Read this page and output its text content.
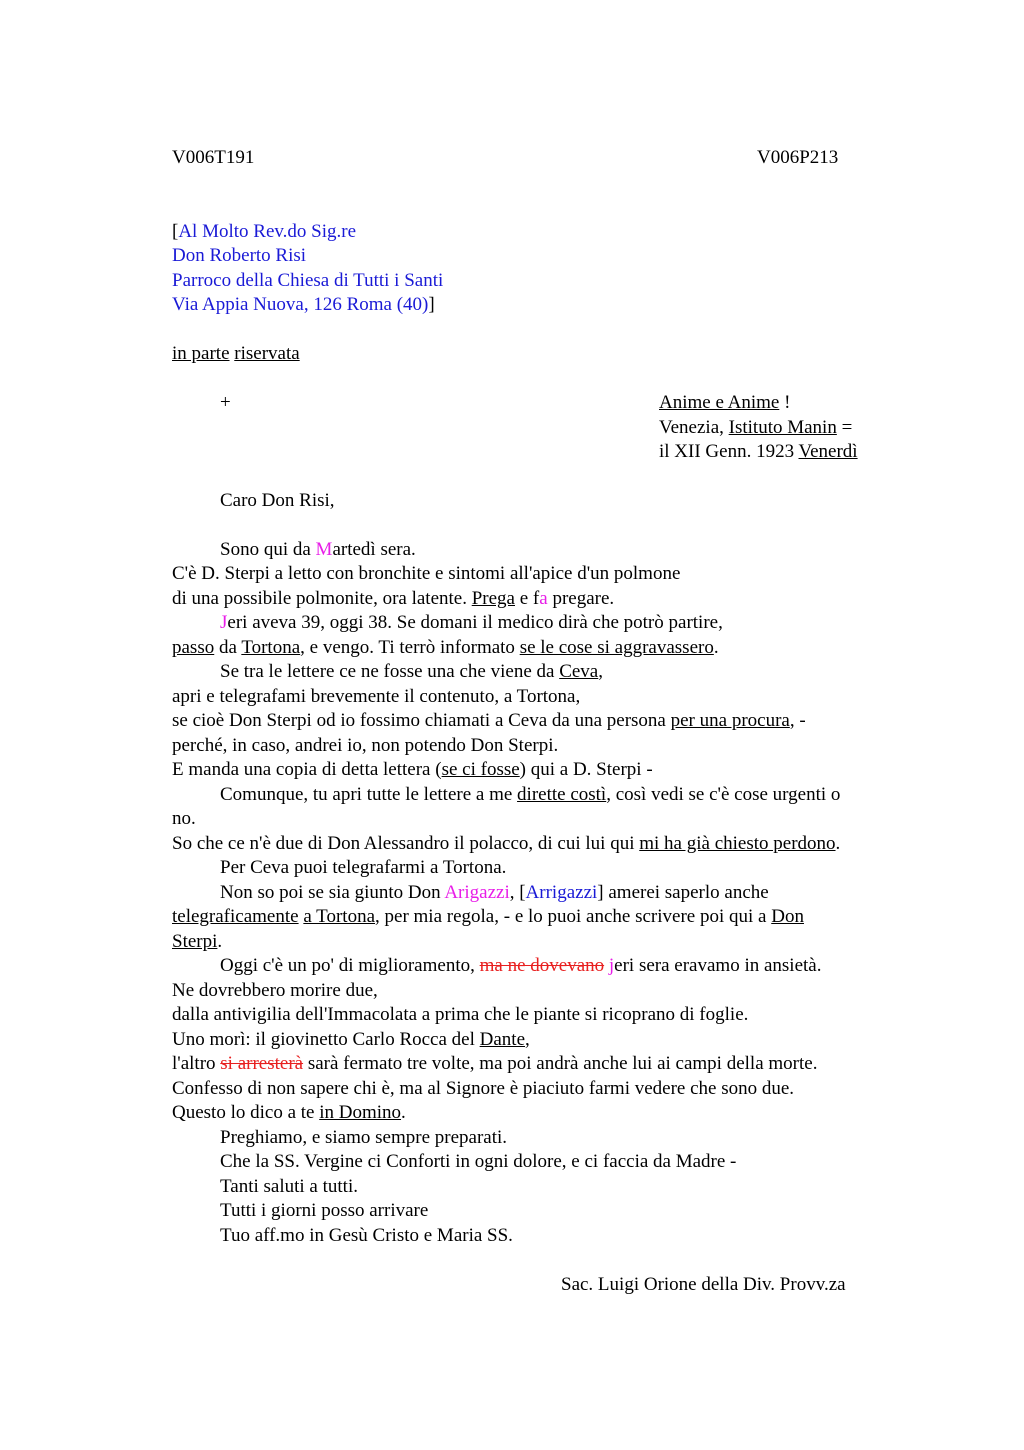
V006T191	V006P213
[Al Molto Rev.do Sig.re
Don Roberto Risi
Parroco della Chiesa di Tutti i Santi
Via Appia Nuova, 126 Roma (40)]
in parte riservata
+	Anime e Anime !
Venezia, Istituto Manin =
il XII Genn. 1923 Venerdì
Caro Don Risi,
Sono qui da Martedì sera.
C'è D. Sterpi a letto con bronchite e sintomi all'apice d'un polmone
di una possibile polmonite, ora latente. Prega e fa pregare.
Jeri aveva 39, oggi 38. Se domani il medico dirà che potrò partire,
passo da Tortona, e vengo. Ti terrò informato se le cose si aggravassero.
Se tra le lettere ce ne fosse una che viene da Ceva,
apri e telegrafami brevemente il contenuto, a Tortona,
se cioè Don Sterpi od io fossimo chiamati a Ceva da una persona per una procura, -
perché, in caso, andrei io, non potendo Don Sterpi.
E manda una copia di detta lettera (se ci fosse) qui a D. Sterpi -
Comunque, tu apri tutte le lettere a me dirette costì, così vedi se c'è cose urgenti o
no.
So che ce n'è due di Don Alessandro il polacco, di cui lui qui mi ha già chiesto perdono.
Per Ceva puoi telegrafarmi a Tortona.
Non so poi se sia giunto Don Arigazzi, [Arrigazzi] amerei saperlo anche
telegraficamente a Tortona, per mia regola, - e lo puoi anche scrivere poi qui a Don
Sterpi.
Oggi c'è un po' di miglioramento, ma ne dovevano jeri sera eravamo in ansietà.
Ne dovrebbero morire due,
dalla antivigilia dell'Immacolata a prima che le piante si ricoprano di foglie.
Uno morì: il giovinetto Carlo Rocca del Dante,
l'altro si arresterà sarà fermato tre volte, ma poi andrà anche lui ai campi della morte.
Confesso di non sapere chi è, ma al Signore è piaciuto farmi vedere che sono due.
Questo lo dico a te in Domino.
Preghiamo, e siamo sempre preparati.
Che la SS. Vergine ci Conforti in ogni dolore, e ci faccia da Madre -
Tanti saluti a tutti.
Tutti i giorni posso arrivare
Tuo aff.mo in Gesù Cristo e Maria SS.
Sac. Luigi Orione della Div. Provv.za
